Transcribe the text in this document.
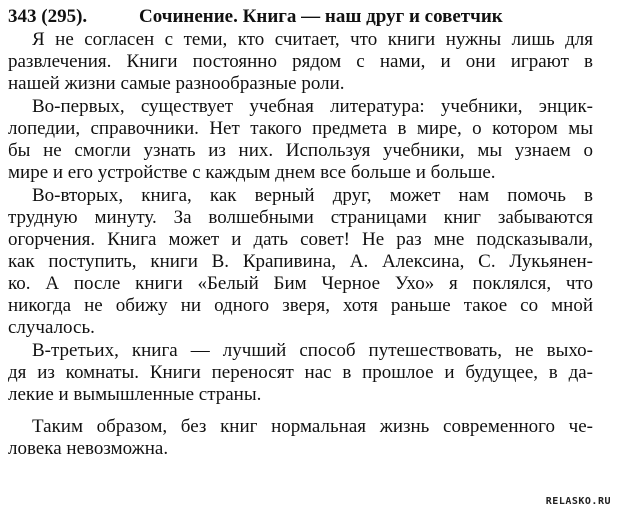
343 (295).	Сочинение. Книга — наш друг и советчик
Я не согласен с теми, кто считает, что книги нужны лишь для
развлечения. Книги постоянно рядом с нами, и они играют в
нашей жизни самые разнообразные роли.
Во-первых, существует учебная литература: учебники, энцик-
лопедии, справочники. Нет такого предмета в мире, о котором мы
бы не смогли узнать из них. Используя учебники, мы узнаем о
мире и его устройстве с каждым днем все больше и больше.
Во-вторых, книга, как верный друг, может нам помочь в
трудную минуту. За волшебными страницами книг забываются
огорчения. Книга может и дать совет! Не раз мне подсказывали,
как поступить, книги В. Крапивина, А. Алексина, С. Лукьянен-
ко. А после книги «Белый Бим Черное Ухо» я поклялся, что
никогда не обижу ни одного зверя, хотя раньше такое со мной
случалось.
В-третьих, книга — лучший способ путешествовать, не выхо-
дя из комнаты. Книги переносят нас в прошлое и будущее, в да-
лекие и вымышленные страны.
Таким образом, без книг нормальная жизнь современного че-
ловека невозможна.
RELASKO.RU
